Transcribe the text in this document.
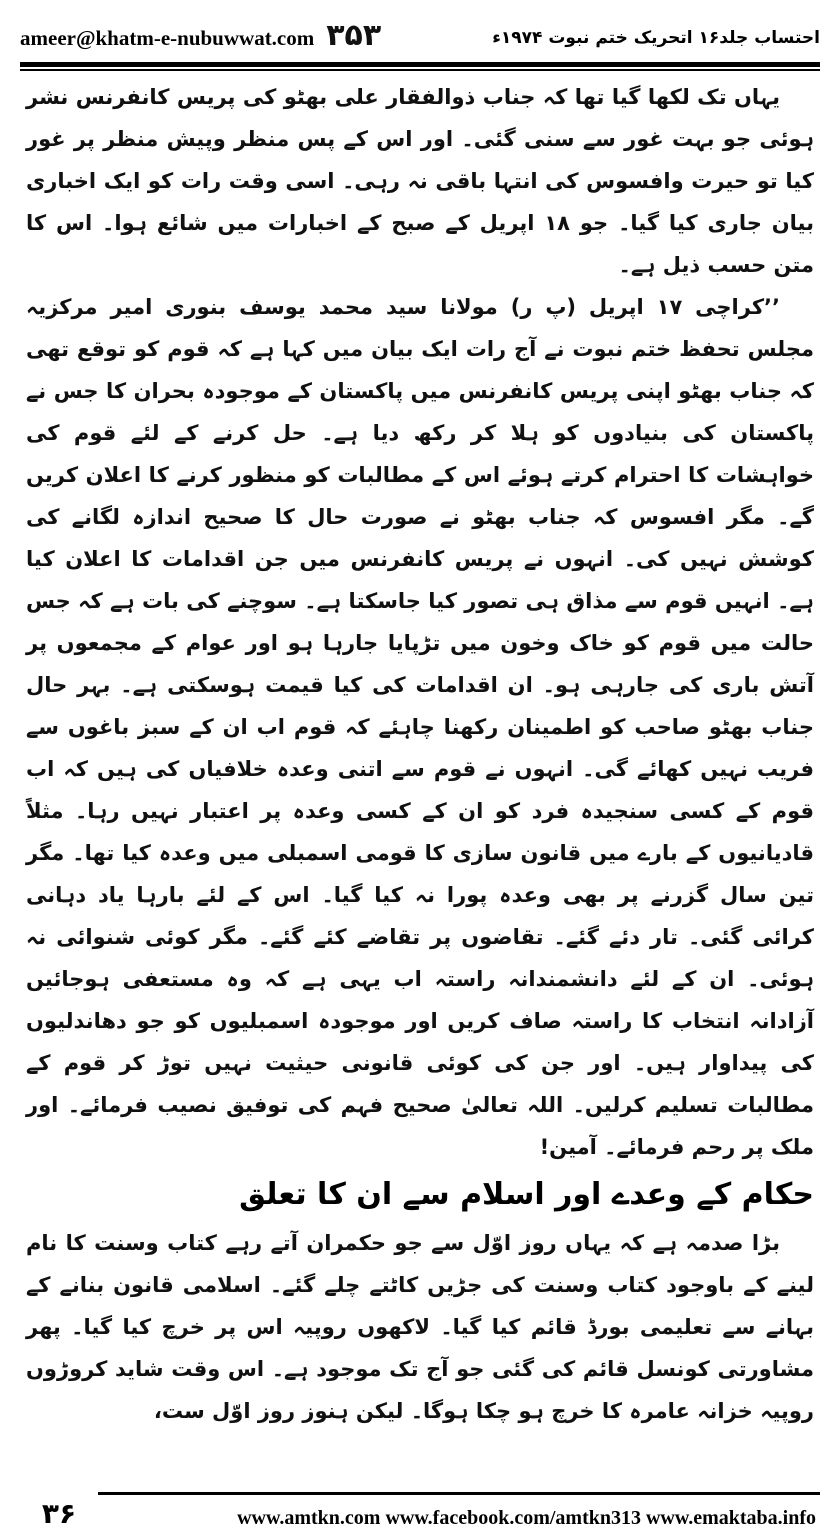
ameer@khatm-e-nubuwwat.com ۳۵۳	احتساب جلد۱۶ اتحریک ختم نبوت ۱۹۷۴ء

یہاں تک لکھا گیا تھا کہ جناب ذوالفقار علی بھٹو کی پریس کانفرنس نشر ہوئی جو بہت غور سے سنی گئی۔ اور اس کے پس منظر وپیش منظر پر غور کیا تو حیرت وافسوس کی انتہا باقی نہ رہی۔ اسی وقت رات کو ایک اخباری بیان جاری کیا گیا۔ جو ۱۸ اپریل کے صبح کے اخبارات میں شائع ہوا۔ اس کا متن حسب ذیل ہے۔

’’کراچی ۱۷ اپریل (پ ر) مولانا سید محمد یوسف بنوری امیر مرکزیہ مجلس تحفظ ختم نبوت نے آج رات ایک بیان میں کہا ہے کہ قوم کو توقع تھی کہ جناب بھٹو اپنی پریس کانفرنس میں پاکستان کے موجودہ بحران کا جس نے پاکستان کی بنیادوں کو ہلا کر رکھ دیا ہے۔ حل کرنے کے لئے قوم کی خواہشات کا احترام کرتے ہوئے اس کے مطالبات کو منظور کرنے کا اعلان کریں گے۔ مگر افسوس کہ جناب بھٹو نے صورت حال کا صحیح اندازہ لگانے کی کوشش نہیں کی۔ انہوں نے پریس کانفرنس میں جن اقدامات کا اعلان کیا ہے۔ انہیں قوم سے مذاق ہی تصور کیا جاسکتا ہے۔ سوچنے کی بات ہے کہ جس حالت میں قوم کو خاک وخون میں تڑپایا جارہا ہو اور عوام کے مجمعوں پر آتش باری کی جارہی ہو۔ ان اقدامات کی کیا قیمت ہوسکتی ہے۔ بہر حال جناب بھٹو صاحب کو اطمینان رکھنا چاہئے کہ قوم اب ان کے سبز باغوں سے فریب نہیں کھائے گی۔ انہوں نے قوم سے اتنی وعدہ خلافیاں کی ہیں کہ اب قوم کے کسی سنجیدہ فرد کو ان کے کسی وعدہ پر اعتبار نہیں رہا۔ مثلاً قادیانیوں کے بارے میں قانون سازی کا قومی اسمبلی میں وعدہ کیا تھا۔ مگر تین سال گزرنے پر بھی وعدہ پورا نہ کیا گیا۔ اس کے لئے بارہا یاد دہانی کرائی گئی۔ تار دئے گئے۔ تقاضوں پر تقاضے کئے گئے۔ مگر کوئی شنوائی نہ ہوئی۔ ان کے لئے دانشمندانہ راستہ اب یہی ہے کہ وہ مستعفی ہوجائیں آزادانہ انتخاب کا راستہ صاف کریں اور موجودہ اسمبلیوں کو جو دھاندلیوں کی پیداوار ہیں۔ اور جن کی کوئی قانونی حیثیت نہیں توڑ کر قوم کے مطالبات تسلیم کرلیں۔ اللہ تعالیٰ صحیح فہم کی توفیق نصیب فرمائے۔ اور ملک پر رحم فرمائے۔ آمین!

حکام کے وعدے اور اسلام سے ان کا تعلق

بڑا صدمہ ہے کہ یہاں روز اوّل سے جو حکمران آتے رہے کتاب وسنت کا نام لینے کے باوجود کتاب وسنت کی جڑیں کاٹتے چلے گئے۔ اسلامی قانون بنانے کے بہانے سے تعلیمی بورڈ قائم کیا گیا۔ لاکھوں روپیہ اس پر خرچ کیا گیا۔ پھر مشاورتی کونسل قائم کی گئی جو آج تک موجود ہے۔ اس وقت شاید کروڑوں روپیہ خزانہ عامرہ کا خرچ ہو چکا ہوگا۔ لیکن ہنوز روز اوّل ست،

۳۶	www.amtkn.com www.facebook.com/amtkn313 www.emaktaba.info
